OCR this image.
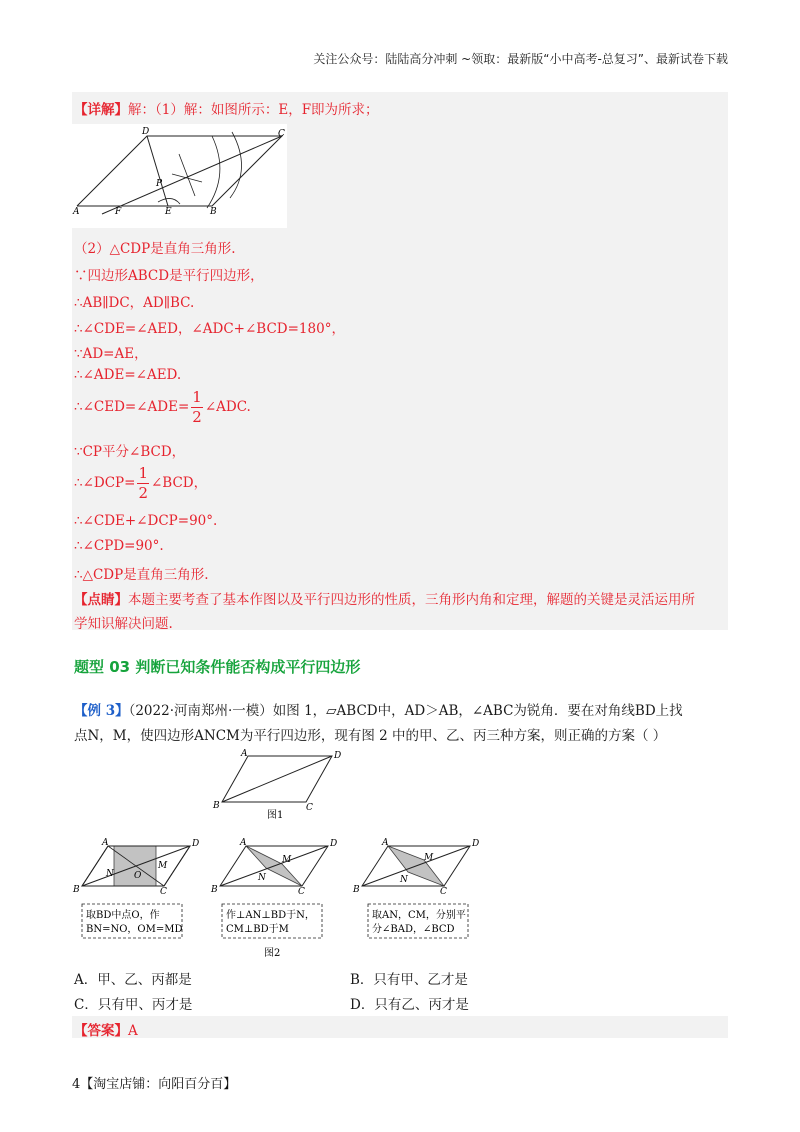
关注公众号：陆陆高分冲刺 ~领取：最新版“小中高考-总复习”、最新试卷下载
【详解】解：（1）解：如图所示：E，F即为所求；
D	C
P
A	F	E	B
（2）△CDP是直角三角形.
∵四边形ABCD是平行四边形，
∴AB∥DC，AD∥BC.
∴∠CDE=∠AED，∠ADC+∠BCD=180°，
∵AD=AE，
∴∠ADE=∠AED.
∴∠CED=∠ADE= $\frac{1}{2}$ ∠ADC.
∵CP平分∠BCD，
∴∠DCP= $\frac{1}{2}$ ∠BCD，
∴∠CDE+∠DCP=90°.
∴∠CPD=90°.
∴△CDP是直角三角形.
【点睛】本题主要考查了基本作图以及平行四边形的性质，三角形内角和定理，解题的关键是灵活运用所
学知识解决问题.
题型 03 判断已知条件能否构成平行四边形
【例 3】（2022·河南郑州·一模）如图 1，▱ABCD中，AD＞AB，∠ABC为锐角．要在对角线BD上找
点N，M，使四边形ANCM为平行四边形，现有图 2 中的甲、乙、丙三种方案，则正确的方案（ ）
A	D
B	C
图1
A	D
B	C
N
M
O
取BD中点O，作
BN=NO，OM=MD
A	D
B	C
N
M
作⊥AN⊥BD于N，
CM⊥BD于M
A	D
B	C
N
M
取AN，CM，分别平
分∠BAD，∠BCD
图2
A．甲、乙、丙都是	B．只有甲、乙才是
C．只有甲、丙才是	D．只有乙、丙才是
【答案】A
4【淘宝店铺：向阳百分百】
